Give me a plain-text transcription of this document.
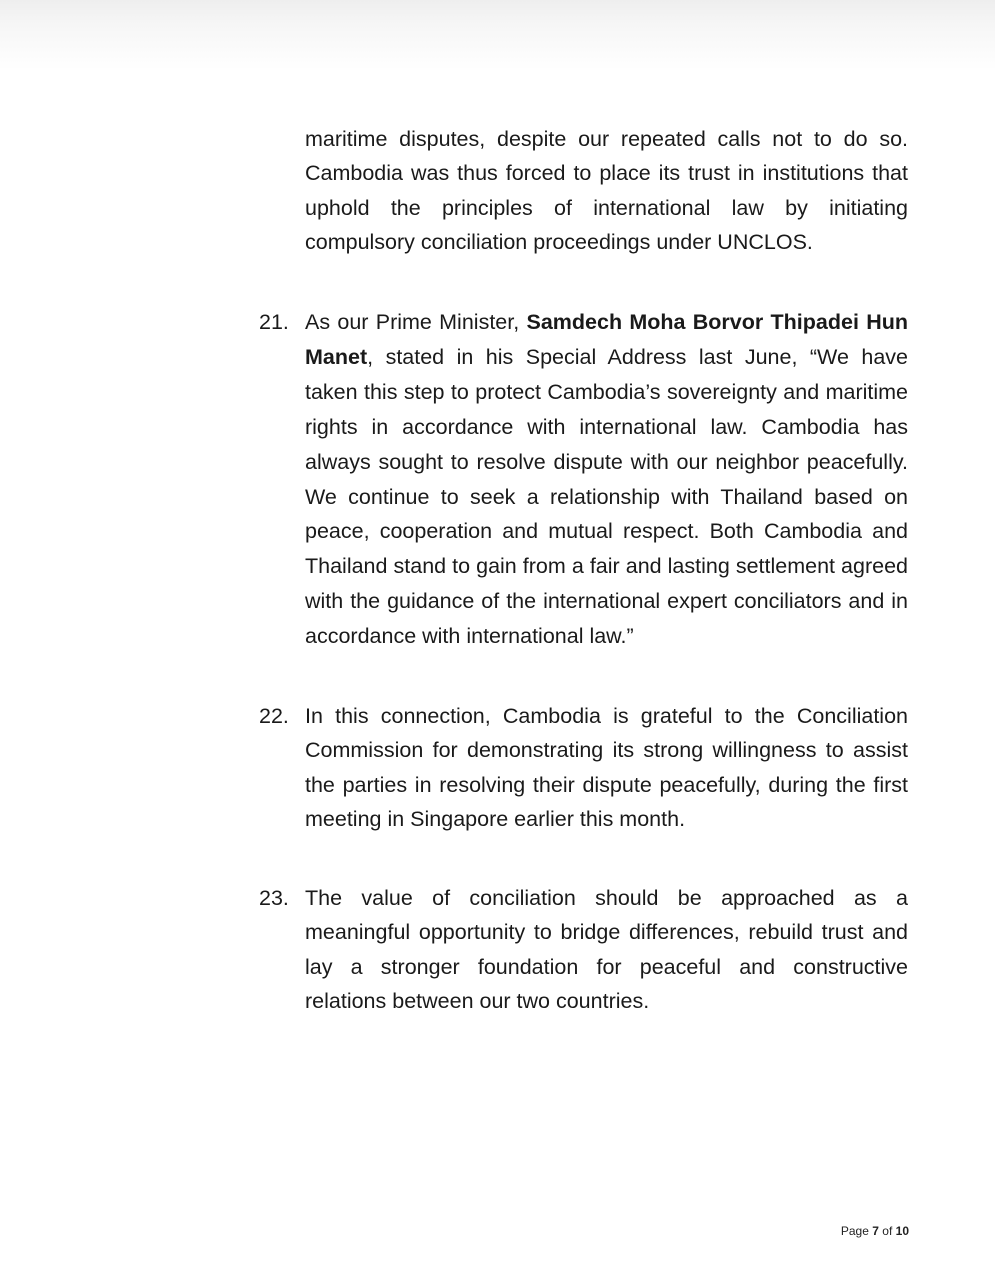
maritime disputes, despite our repeated calls not to do so. Cambodia was thus forced to place its trust in institutions that uphold the principles of international law by initiating compulsory conciliation proceedings under UNCLOS.

21. As our Prime Minister, Samdech Moha Borvor Thipadei Hun Manet, stated in his Special Address last June, “We have taken this step to protect Cambodia’s sovereignty and maritime rights in accordance with international law. Cambodia has always sought to resolve dispute with our neighbor peacefully. We continue to seek a relationship with Thailand based on peace, cooperation and mutual respect. Both Cambodia and Thailand stand to gain from a fair and lasting settlement agreed with the guidance of the international expert conciliators and in accordance with international law.”

22. In this connection, Cambodia is grateful to the Conciliation Commission for demonstrating its strong willingness to assist the parties in resolving their dispute peacefully, during the first meeting in Singapore earlier this month.

23. The value of conciliation should be approached as a meaningful opportunity to bridge differences, rebuild trust and lay a stronger foundation for peaceful and constructive relations between our two countries.

Page 7 of 10
